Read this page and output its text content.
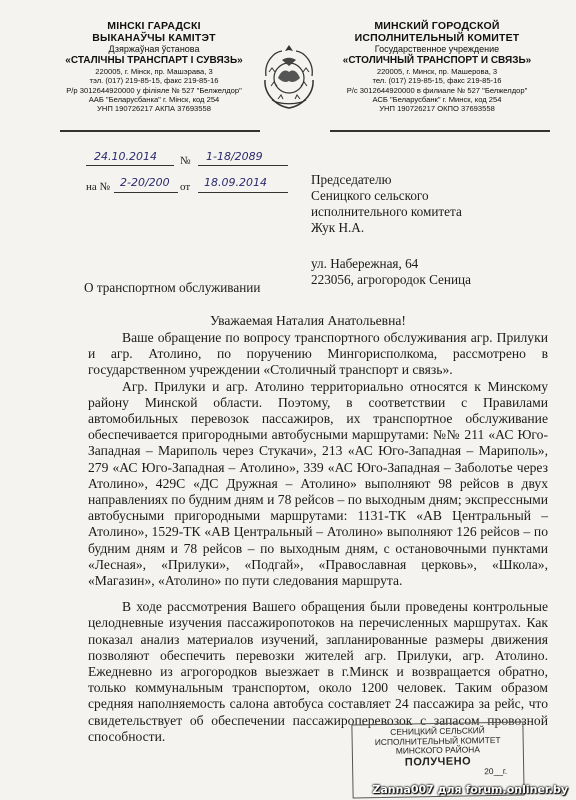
МІНСКІ ГАРАДСКІ
ВЫКАНАЎЧЫ КАМІТЭТ
Дзяржаўная ўстанова
«СТАЛІЧНЫ ТРАНСПАРТ І СУВЯЗЬ»
220005, г. Мінск, пр. Машэрава, 3
тэл. (017) 219-85-15, факс 219-85-16
Р/р 3012644920000 у філіяле № 527 "Белжелдор"
ААБ "Беларусбанка" г. Мінск, код 254
УНП 190726217 АКПА 37693558
МИНСКИЙ ГОРОДСКОЙ
ИСПОЛНИТЕЛЬНЫЙ КОМИТЕТ
Государственное учреждение
«СТОЛИЧНЫЙ ТРАНСПОРТ И СВЯЗЬ»
220005, г. Минск, пр. Машерова, 3
тел. (017) 219-85-15, факс 219-85-16
Р/с 3012644920000 в филиале № 527 "Белжелдор"
АСБ "Беларусбанк" г. Минск, код 254
УНП 190726217 ОКПО 37693558
24.10.2014 № 1-18/2089
на № 2-20/200 от 18.09.2014	Председателю
Сеницкого сельского
исполнительного комитета
Жук Н.А.
ул. Набережная, 64
223056, агрогородок Сеница
О транспортном обслуживании
Уважаемая Наталия Анатольевна!

Ваше обращение по вопросу транспортного обслуживания агр. Прилуки и агр. Атолино, по поручению Мингорисполкома, рассмотрено в государственном учреждении «Столичный транспорт и связь».

Агр. Прилуки и агр. Атолино территориально относятся к Минскому району Минской области. Поэтому, в соответствии с Правилами автомобильных перевозок пассажиров, их транспортное обслуживание обеспечивается пригородными автобусными маршрутами: №№ 211 «АС Юго-Западная – Мариполь через Стукачи», 213 «АС Юго-Западная – Мариполь», 279 «АС Юго-Западная – Атолино», 339 «АС Юго-Западная – Заболотье через Атолино», 429С «ДС Дружная – Атолино» выполняют 98 рейсов в двух направлениях по будним дням и 78 рейсов – по выходным дням; экспрессными автобусными пригородными маршрутами: 1131-ТК «АВ Центральный – Атолино», 1529-ТК «АВ Центральный – Атолино» выполняют 126 рейсов – по будним дням и 78 рейсов – по выходным дням, с остановочными пунктами «Лесная», «Прилуки», «Подгай», «Православная церковь», «Школа», «Магазин», «Атолино» по пути следования маршрута.

В ходе рассмотрения Вашего обращения были проведены контрольные целодневные изучения пассажиропотоков на перечисленных маршрутах. Как показал анализ материалов изучений, запланированные размеры движения позволяют обеспечить перевозки жителей агр. Прилуки, агр. Атолино. Ежедневно из агрогородков выезжает в г.Минск и возвращается обратно, только коммунальным транспортом, около 1200 человек. Таким образом средняя наполняемость салона автобуса составляет 24 пассажира за рейс, что свидетельствует об обеспечении пассажироперевозок с запасом провозной способности.	СЕНИЦКИЙ СЕЛЬСКИЙ
ИСПОЛНИТЕЛЬНЫЙ КОМИТЕТ
МИНСКОГО РАЙОНА
ПОЛУЧЕНО
20__г.
Zanna007 для forum.onliner.by
